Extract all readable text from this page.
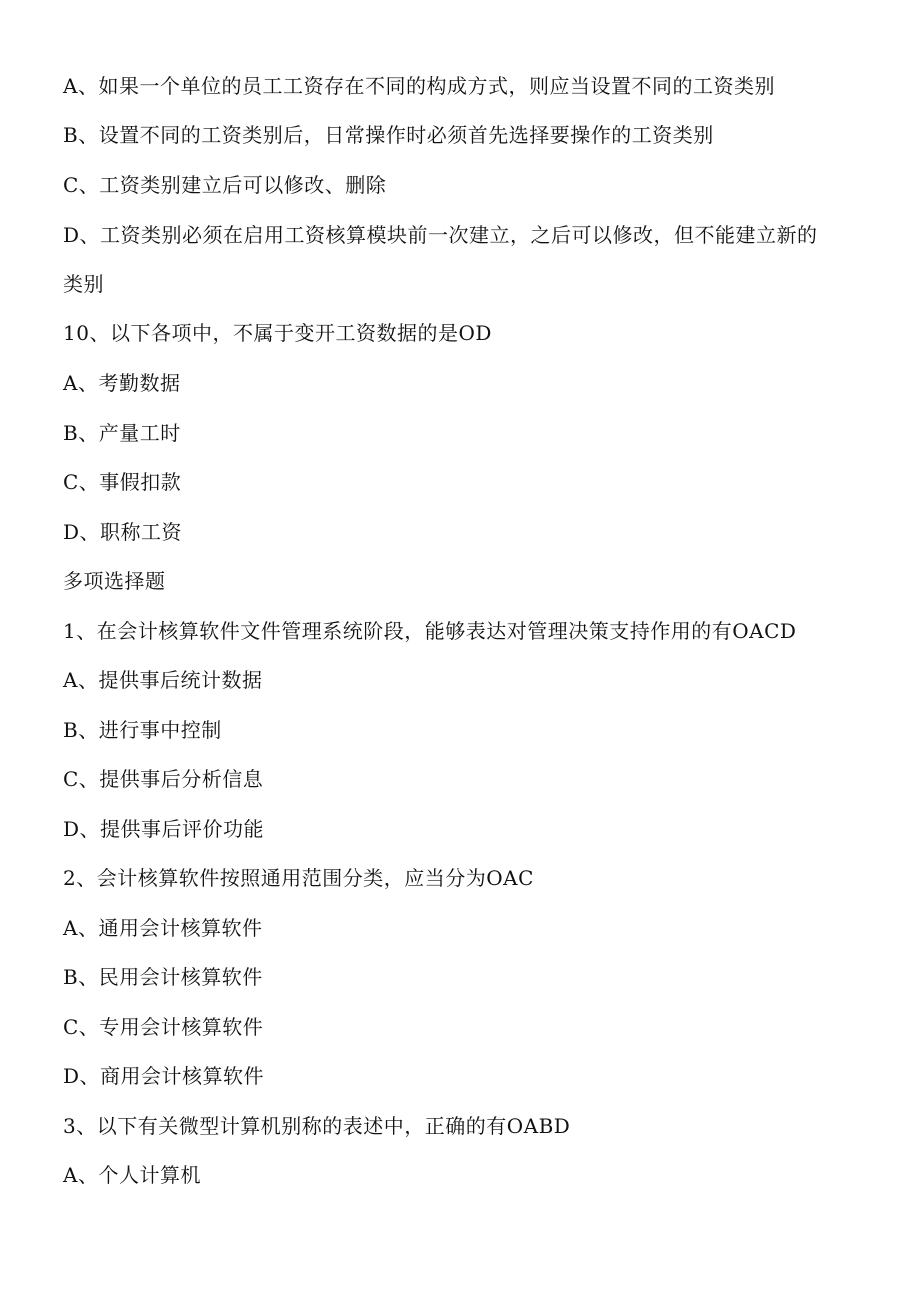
A、如果一个单位的员工工资存在不同的构成方式，则应当设置不同的工资类别
B、设置不同的工资类别后，日常操作时必须首先选择要操作的工资类别
C、工资类别建立后可以修改、删除
D、工资类别必须在启用工资核算模块前一次建立，之后可以修改，但不能建立新的
类别
10、以下各项中，不属于变开工资数据的是OD
A、考勤数据
B、产量工时
C、事假扣款
D、职称工资
多项选择题
1、在会计核算软件文件管理系统阶段，能够表达对管理决策支持作用的有OACD
A、提供事后统计数据
B、进行事中控制
C、提供事后分析信息
D、提供事后评价功能
2、会计核算软件按照通用范围分类，应当分为OAC
A、通用会计核算软件
B、民用会计核算软件
C、专用会计核算软件
D、商用会计核算软件
3、以下有关微型计算机别称的表述中，正确的有OABD
A、个人计算机
